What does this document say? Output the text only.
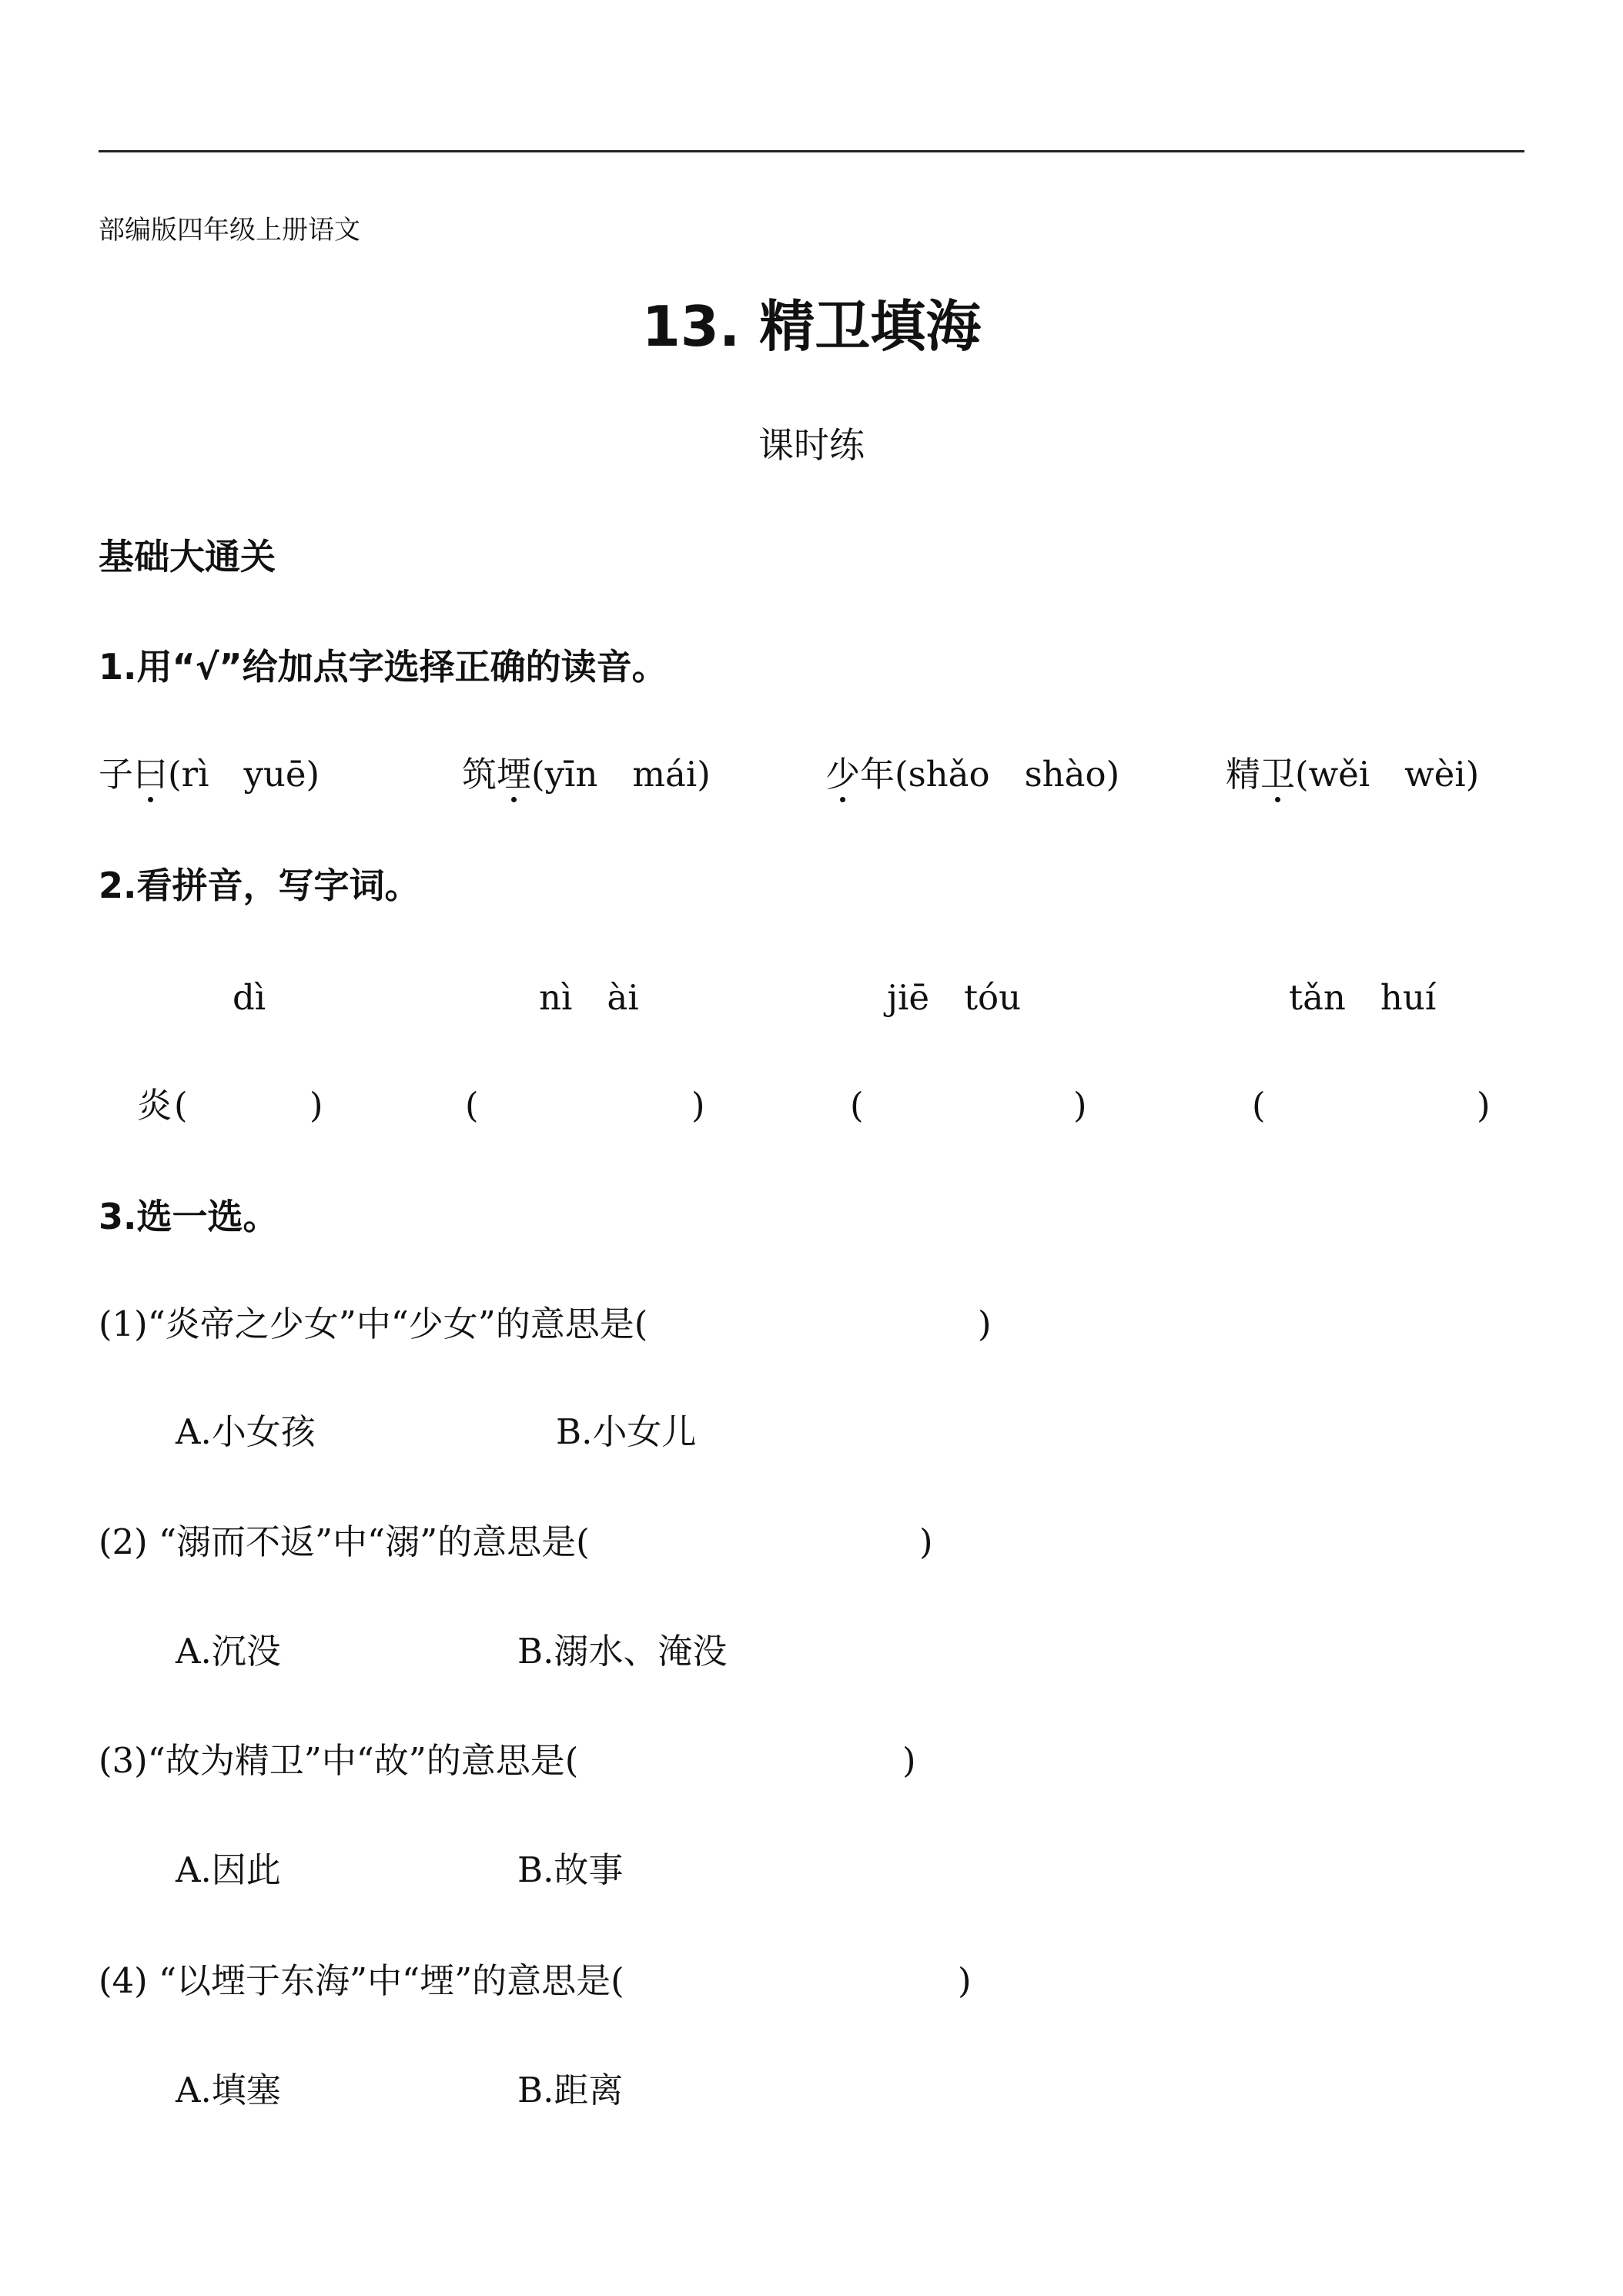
部编版四年级上册语文
13. 精卫填海
课时练
基础大通关
1.用“√”给加点字选择正确的读音。
子曰(rì　yuē)	筑堙(yīn　mái)	少年(shǎo　shào)	精卫(wěi　wèi)
2.看拼音，写字词。
dì	nì　ài	jiē　tóu	tǎn　huí
炎 (	)	(	)	(	)	(	)
3.选一选。
(1)“炎帝之少女”中“少女”的意思是(	)
A.小女孩	B.小女儿
(2) “溺而不返”中“溺”的意思是(	)
A.沉没	B.溺水、淹没
(3)“故为精卫”中“故”的意思是(	)
A.因此	B.故事
(4) “以堙于东海”中“堙”的意思是(	)
A.填塞	B.距离
